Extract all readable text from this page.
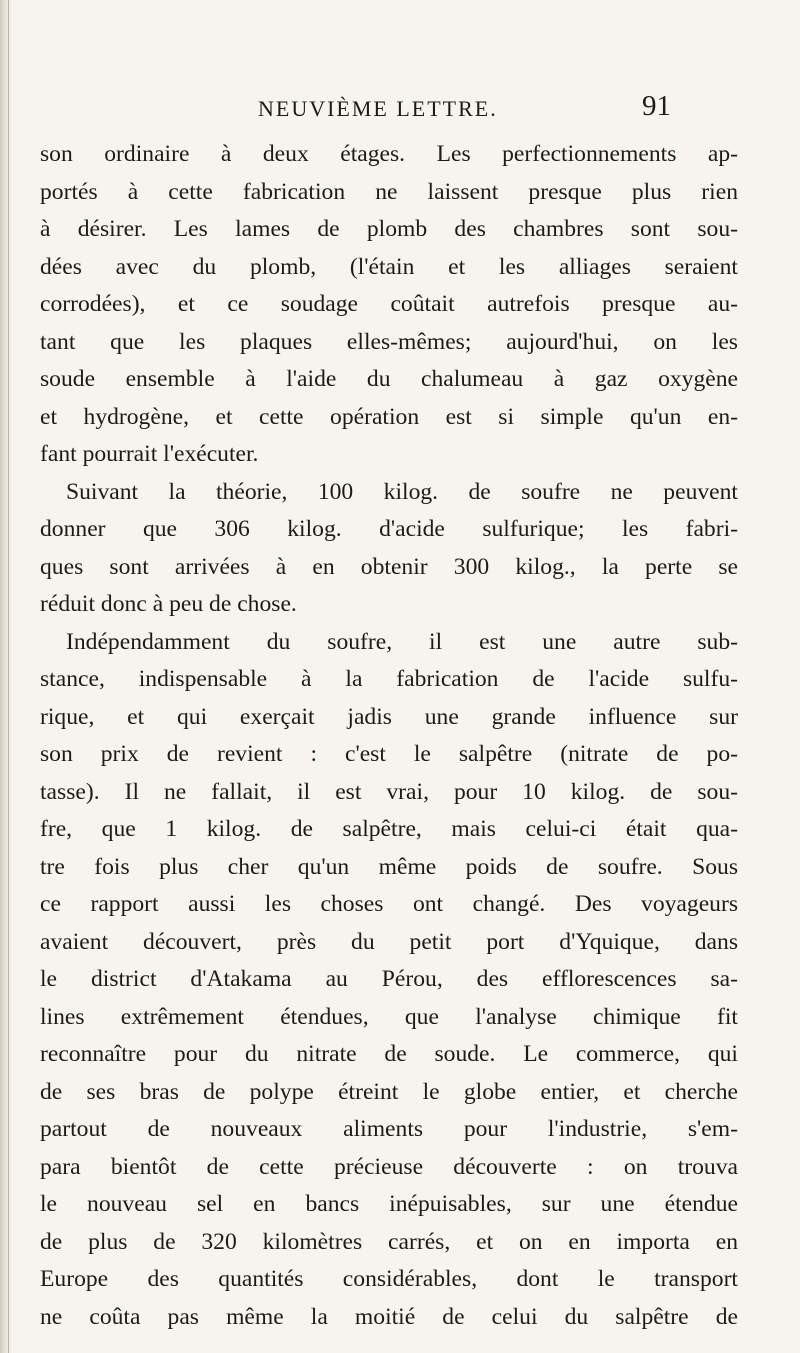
NEUVIÈME LETTRE.	91
son ordinaire à deux étages. Les perfectionnements ap-
portés à cette fabrication ne laissent presque plus rien
à désirer. Les lames de plomb des chambres sont sou-
dées avec du plomb, (l'étain et les alliages seraient
corrodées), et ce soudage coûtait autrefois presque au-
tant que les plaques elles-mêmes; aujourd'hui, on les
soude ensemble à l'aide du chalumeau à gaz oxygène
et hydrogène, et cette opération est si simple qu'un en-
fant pourrait l'exécuter.
Suivant la théorie, 100 kilog. de soufre ne peuvent
donner que 306 kilog. d'acide sulfurique; les fabri-
ques sont arrivées à en obtenir 300 kilog., la perte se
réduit donc à peu de chose.
Indépendamment du soufre, il est une autre sub-
stance, indispensable à la fabrication de l'acide sulfu-
rique, et qui exerçait jadis une grande influence sur
son prix de revient : c'est le salpêtre (nitrate de po-
tasse). Il ne fallait, il est vrai, pour 10 kilog. de sou-
fre, que 1 kilog. de salpêtre, mais celui-ci était qua-
tre fois plus cher qu'un même poids de soufre. Sous
ce rapport aussi les choses ont changé. Des voyageurs
avaient découvert, près du petit port d'Yquique, dans
le district d'Atakama au Pérou, des efflorescences sa-
lines extrêmement étendues, que l'analyse chimique fit
reconnaître pour du nitrate de soude. Le commerce, qui
de ses bras de polype étreint le globe entier, et cherche
partout de nouveaux aliments pour l'industrie, s'em-
para bientôt de cette précieuse découverte : on trouva
le nouveau sel en bancs inépuisables, sur une étendue
de plus de 320 kilomètres carrés, et on en importa en
Europe des quantités considérables, dont le transport
ne coûta pas même la moitié de celui du salpêtre de
